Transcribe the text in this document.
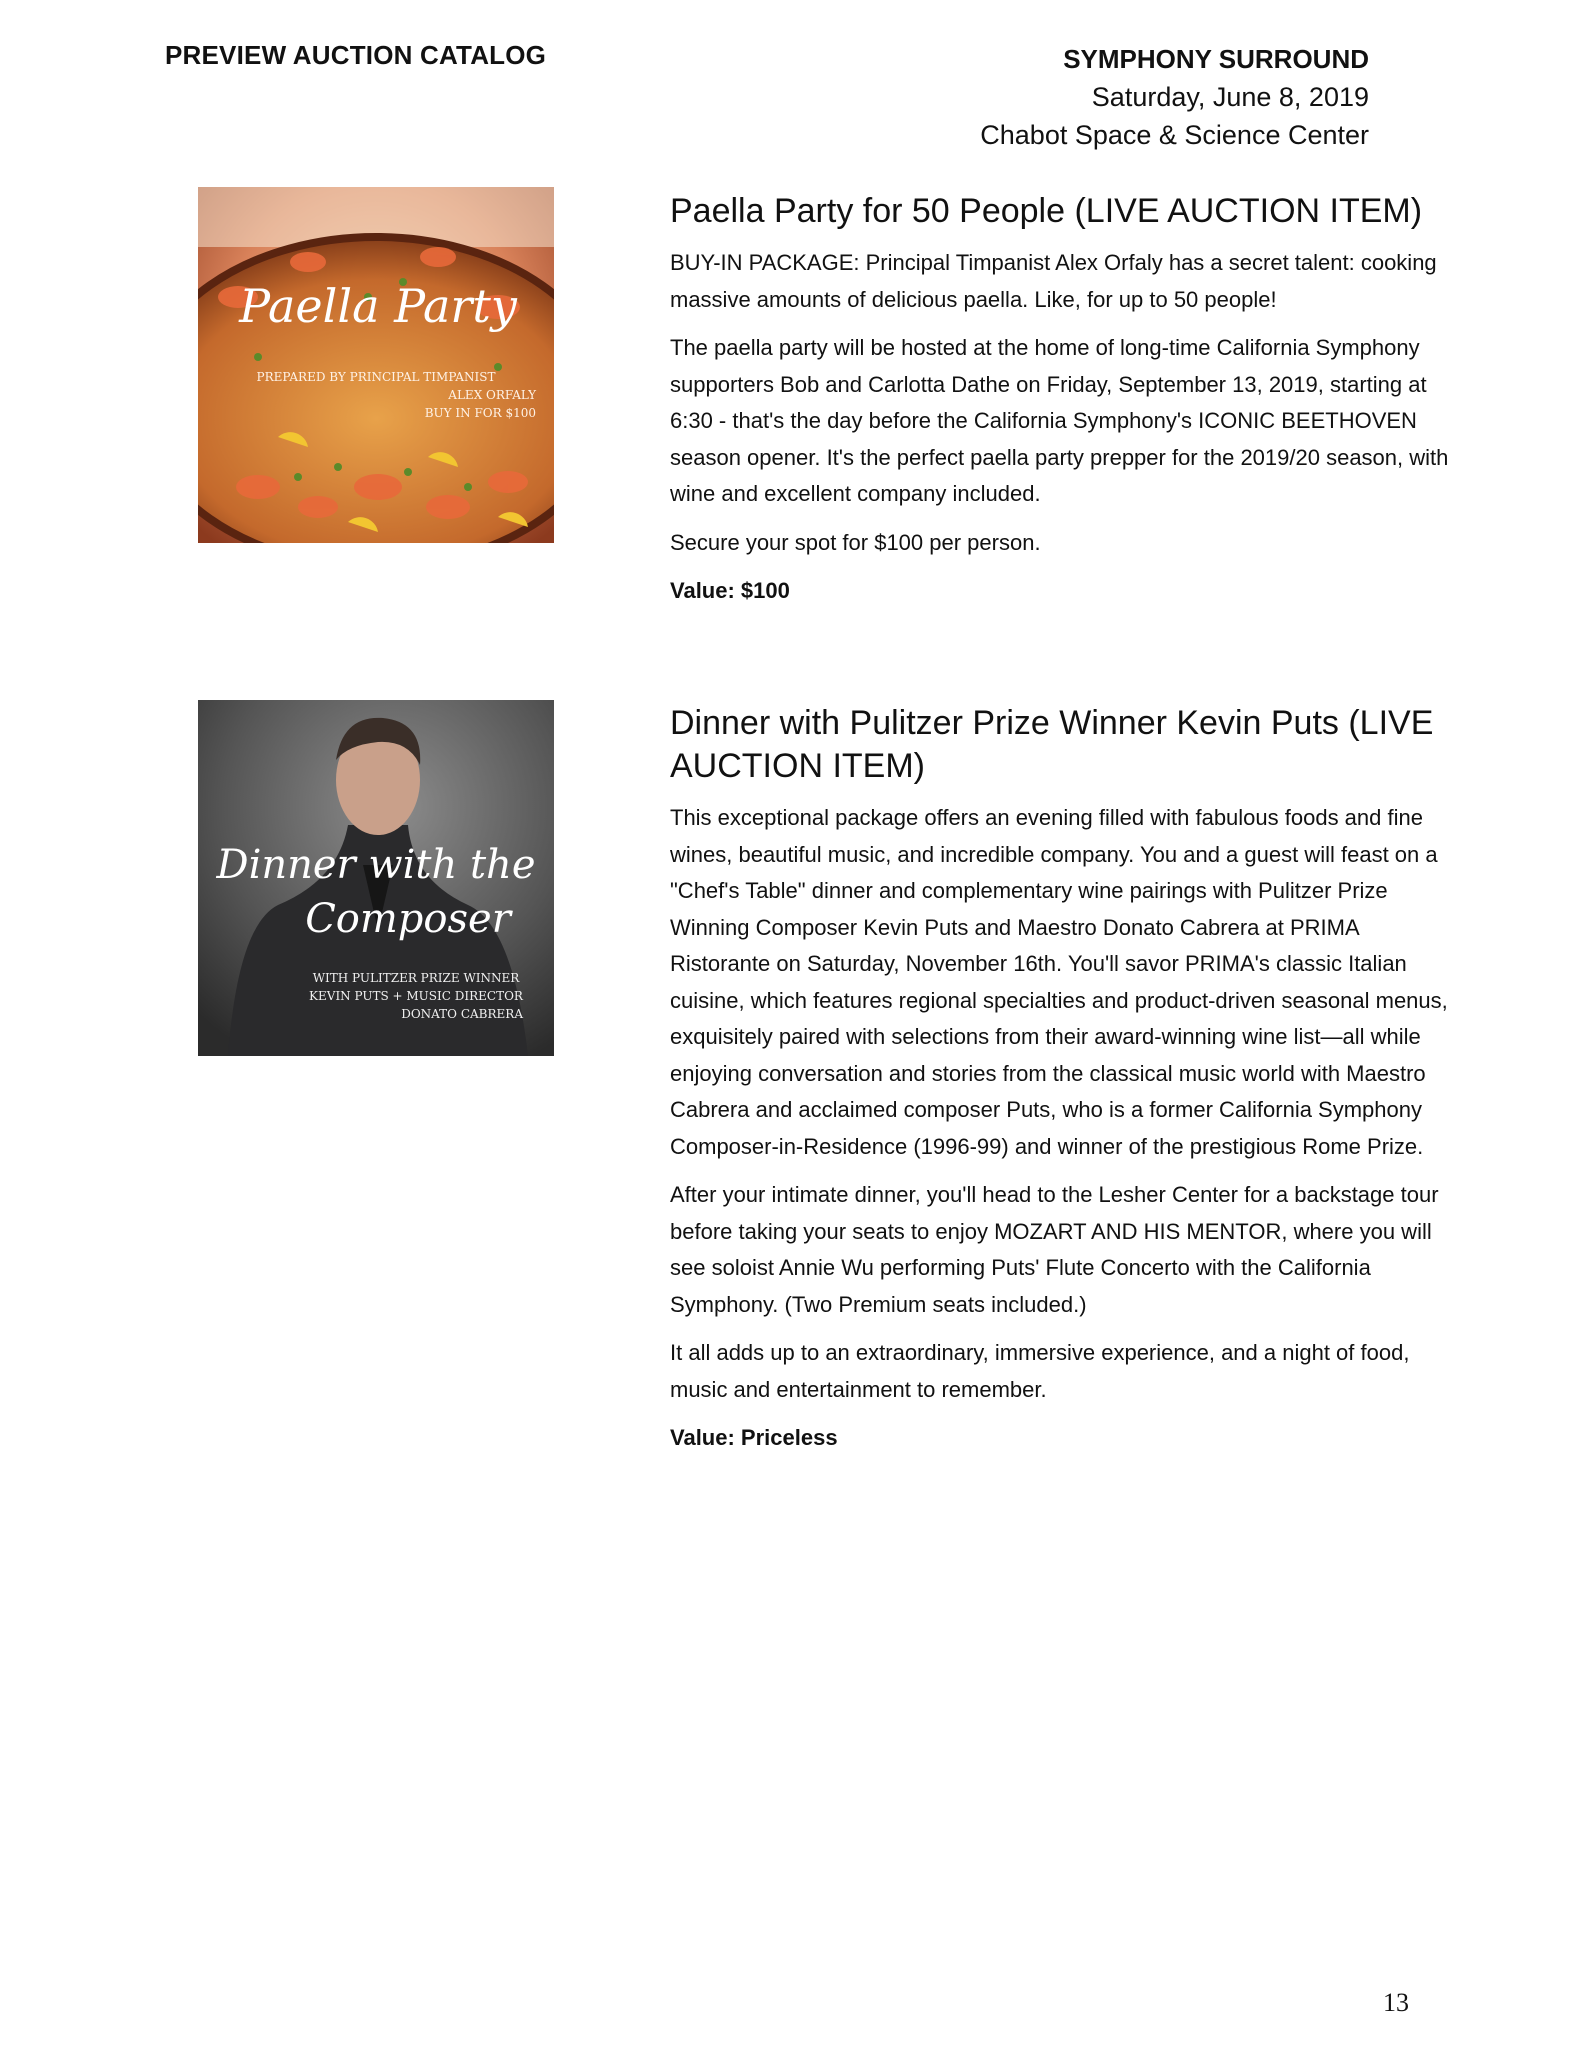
PREVIEW AUCTION CATALOG	SYMPHONY SURROUND
Saturday, June 8, 2019
Chabot Space & Science Center
Paella Party
PREPARED BY PRINCIPAL TIMPANIST
ALEX ORFALY
BUY IN FOR $100
Paella Party for 50 People (LIVE AUCTION ITEM)

BUY-IN PACKAGE: Principal Timpanist Alex Orfaly has a secret talent: cooking massive amounts of delicious paella. Like, for up to 50 people!

The paella party will be hosted at the home of long-time California Symphony supporters Bob and Carlotta Dathe on Friday, September 13, 2019, starting at 6:30 - that's the day before the California Symphony's ICONIC BEETHOVEN season opener. It's the perfect paella party prepper for the 2019/20 season, with wine and excellent company included.

Secure your spot for $100 per person.

Value: $100

Dinner with the
Composer
WITH PULITZER PRIZE WINNER
KEVIN PUTS + MUSIC DIRECTOR
DONATO CABRERA
Dinner with Pulitzer Prize Winner Kevin Puts (LIVE AUCTION ITEM)

This exceptional package offers an evening filled with fabulous foods and fine wines, beautiful music, and incredible company. You and a guest will feast on a "Chef's Table" dinner and complementary wine pairings with Pulitzer Prize Winning Composer Kevin Puts and Maestro Donato Cabrera at PRIMA Ristorante on Saturday, November 16th. You'll savor PRIMA's classic Italian cuisine, which features regional specialties and product-driven seasonal menus, exquisitely paired with selections from their award-winning wine list—all while enjoying conversation and stories from the classical music world with Maestro Cabrera and acclaimed composer Puts, who is a former California Symphony Composer-in-Residence (1996-99) and winner of the prestigious Rome Prize.

After your intimate dinner, you'll head to the Lesher Center for a backstage tour before taking your seats to enjoy MOZART AND HIS MENTOR, where you will see soloist Annie Wu performing Puts' Flute Concerto with the California Symphony. (Two Premium seats included.)

It all adds up to an extraordinary, immersive experience, and a night of food, music and entertainment to remember.

Value: Priceless

13
